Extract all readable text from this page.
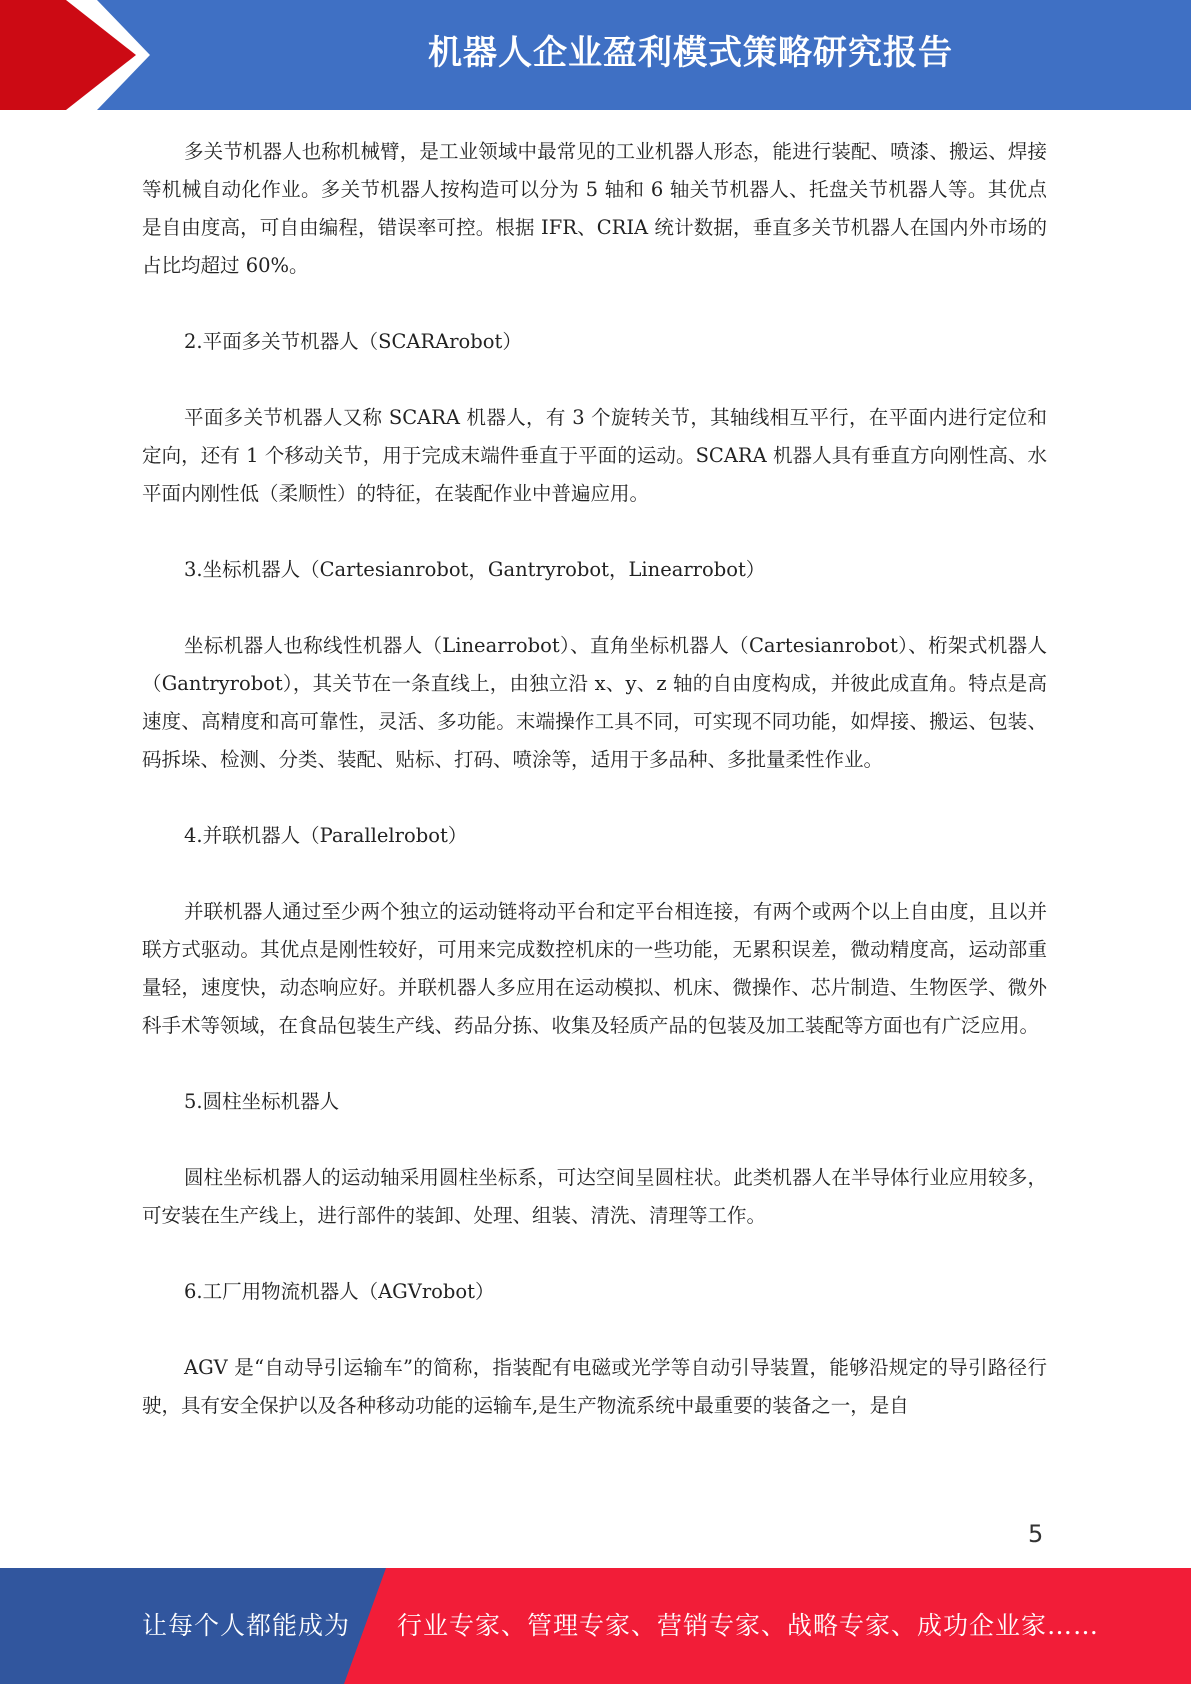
机器人企业盈利模式策略研究报告

多关节机器人也称机械臂，是工业领域中最常见的工业机器人形态，能进行装配、喷漆、搬运、焊接等机械自动化作业。多关节机器人按构造可以分为 5 轴和 6 轴关节机器人、托盘关节机器人等。其优点是自由度高，可自由编程，错误率可控。根据 IFR、CRIA 统计数据，垂直多关节机器人在国内外市场的占比均超过 60%。

2.平面多关节机器人（SCARArobot）

平面多关节机器人又称 SCARA 机器人，有 3 个旋转关节，其轴线相互平行，在平面内进行定位和定向，还有 1 个移动关节，用于完成末端件垂直于平面的运动。SCARA 机器人具有垂直方向刚性高、水平面内刚性低（柔顺性）的特征，在装配作业中普遍应用。

3.坐标机器人（Cartesianrobot，Gantryrobot，Linearrobot）

坐标机器人也称线性机器人（Linearrobot）、直角坐标机器人（Cartesianrobot）、桁架式机器人（Gantryrobot），其关节在一条直线上，由独立沿 x、y、z 轴的自由度构成，并彼此成直角。特点是高速度、高精度和高可靠性，灵活、多功能。末端操作工具不同，可实现不同功能，如焊接、搬运、包装、码拆垛、检测、分类、装配、贴标、打码、喷涂等，适用于多品种、多批量柔性作业。

4.并联机器人（Parallelrobot）

并联机器人通过至少两个独立的运动链将动平台和定平台相连接，有两个或两个以上自由度，且以并联方式驱动。其优点是刚性较好，可用来完成数控机床的一些功能，无累积误差，微动精度高，运动部重量轻，速度快，动态响应好。并联机器人多应用在运动模拟、机床、微操作、芯片制造、生物医学、微外科手术等领域，在食品包装生产线、药品分拣、收集及轻质产品的包装及加工装配等方面也有广泛应用。

5.圆柱坐标机器人

圆柱坐标机器人的运动轴采用圆柱坐标系，可达空间呈圆柱状。此类机器人在半导体行业应用较多，可安装在生产线上，进行部件的装卸、处理、组装、清洗、清理等工作。

6.工厂用物流机器人（AGVrobot）

AGV 是“自动导引运输车”的简称，指装配有电磁或光学等自动引导装置，能够沿规定的导引路径行驶，具有安全保护以及各种移动功能的运输车,是生产物流系统中最重要的装备之一，是自

5
让每个人都能成为 行业专家、管理专家、营销专家、战略专家、成功企业家……
